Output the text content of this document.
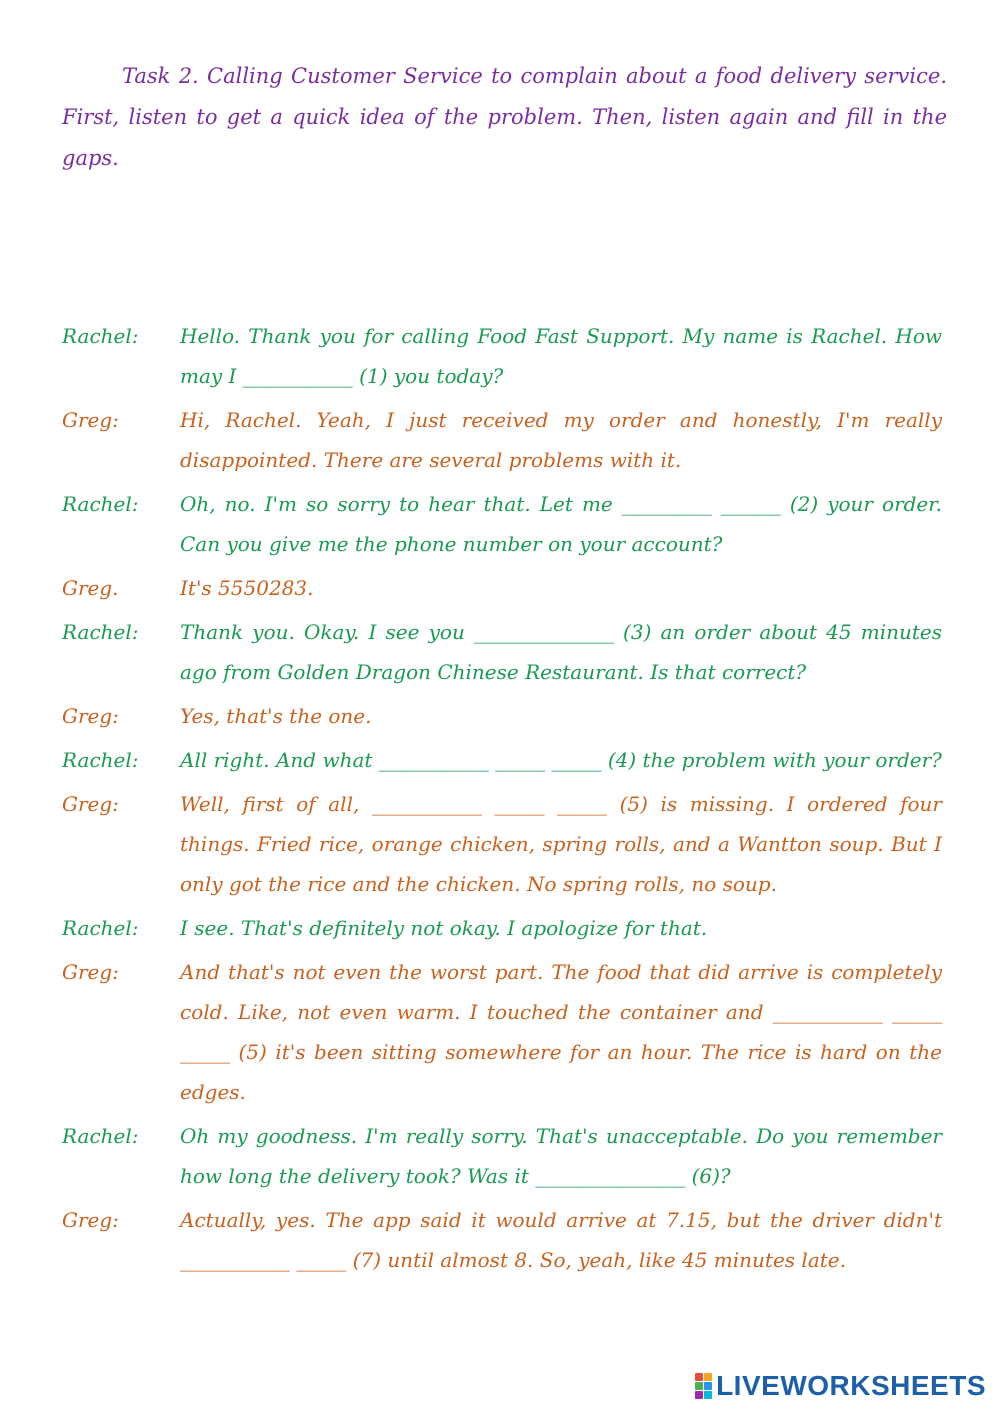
Task 2. Calling Customer Service to complain about a food delivery service. First, listen to get a quick idea of the problem. Then, listen again and fill in the gaps.

Rachel:	Hello. Thank you for calling Food Fast Support. My name is Rachel. How may I ___________ (1) you today?
Greg:	Hi, Rachel. Yeah, I just received my order and honestly, I'm really disappointed. There are several problems with it.
Rachel:	Oh, no. I'm so sorry to hear that. Let me _________ ______ (2) your order. Can you give me the phone number on your account?
Greg.	It's 5550283.
Rachel:	Thank you. Okay. I see you ______________ (3) an order about 45 minutes ago from Golden Dragon Chinese Restaurant. Is that correct?
Greg:	Yes, that's the one.
Rachel:	All right. And what ___________ _____ _____ (4) the problem with your order?
Greg:	Well, first of all, ___________ _____ _____ (5) is missing. I ordered four things. Fried rice, orange chicken, spring rolls, and a Wantton soup. But I only got the rice and the chicken. No spring rolls, no soup.
Rachel:	I see. That's definitely not okay. I apologize for that.
Greg:	And that's not even the worst part. The food that did arrive is completely cold. Like, not even warm. I touched the container and ___________ _____ _____ (5) it's been sitting somewhere for an hour. The rice is hard on the edges.
Rachel:	Oh my goodness. I'm really sorry. That's unacceptable. Do you remember how long the delivery took? Was it _______________ (6)?
Greg:	Actually, yes. The app said it would arrive at 7.15, but the driver didn't ___________ _____ (7) until almost 8. So, yeah, like 45 minutes late.
LIVEWORKSHEETS
